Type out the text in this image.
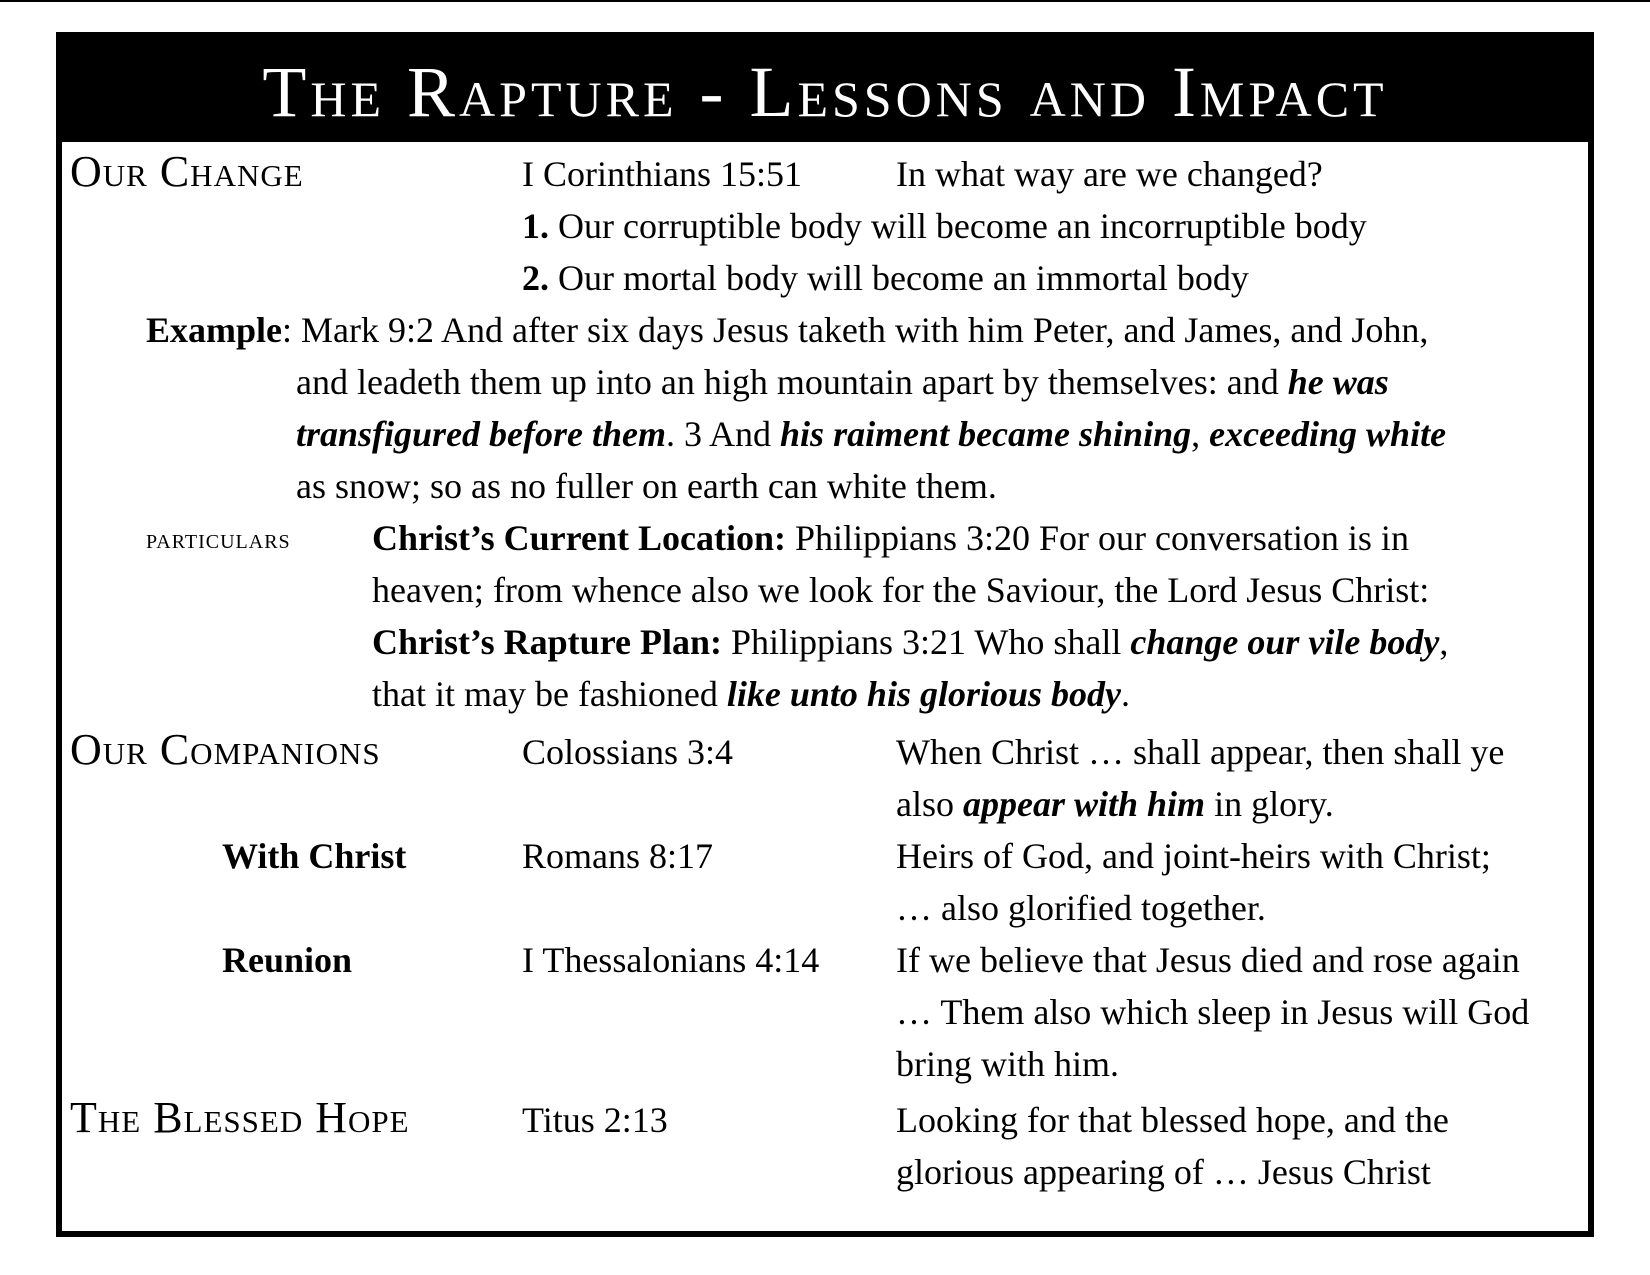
The Rapture - Lessons and Impact
Our Change	I Corinthians 15:51	In what way are we changed?
1. Our corruptible body will become an incorruptible body
2. Our mortal body will become an immortal body
Example: Mark 9:2 And after six days Jesus taketh with him Peter, and James, and John,
and leadeth them up into an high mountain apart by themselves: and he was
transfigured before them. 3 And his raiment became shining, exceeding white
as snow; so as no fuller on earth can white them.
particulars Christ’s Current Location: Philippians 3:20 For our conversation is in
heaven; from whence also we look for the Saviour, the Lord Jesus Christ:
Christ’s Rapture Plan: Philippians 3:21 Who shall change our vile body,
that it may be fashioned like unto his glorious body.
Our Companions	Colossians 3:4	When Christ … shall appear, then shall ye
also appear with him in glory.
With Christ	Romans 8:17	Heirs of God, and joint-heirs with Christ;
… also glorified together.
Reunion	I Thessalonians 4:14 If we believe that Jesus died and rose again
… Them also which sleep in Jesus will God
bring with him.
The Blessed Hope	Titus 2:13	Looking for that blessed hope, and the
glorious appearing of … Jesus Christ
